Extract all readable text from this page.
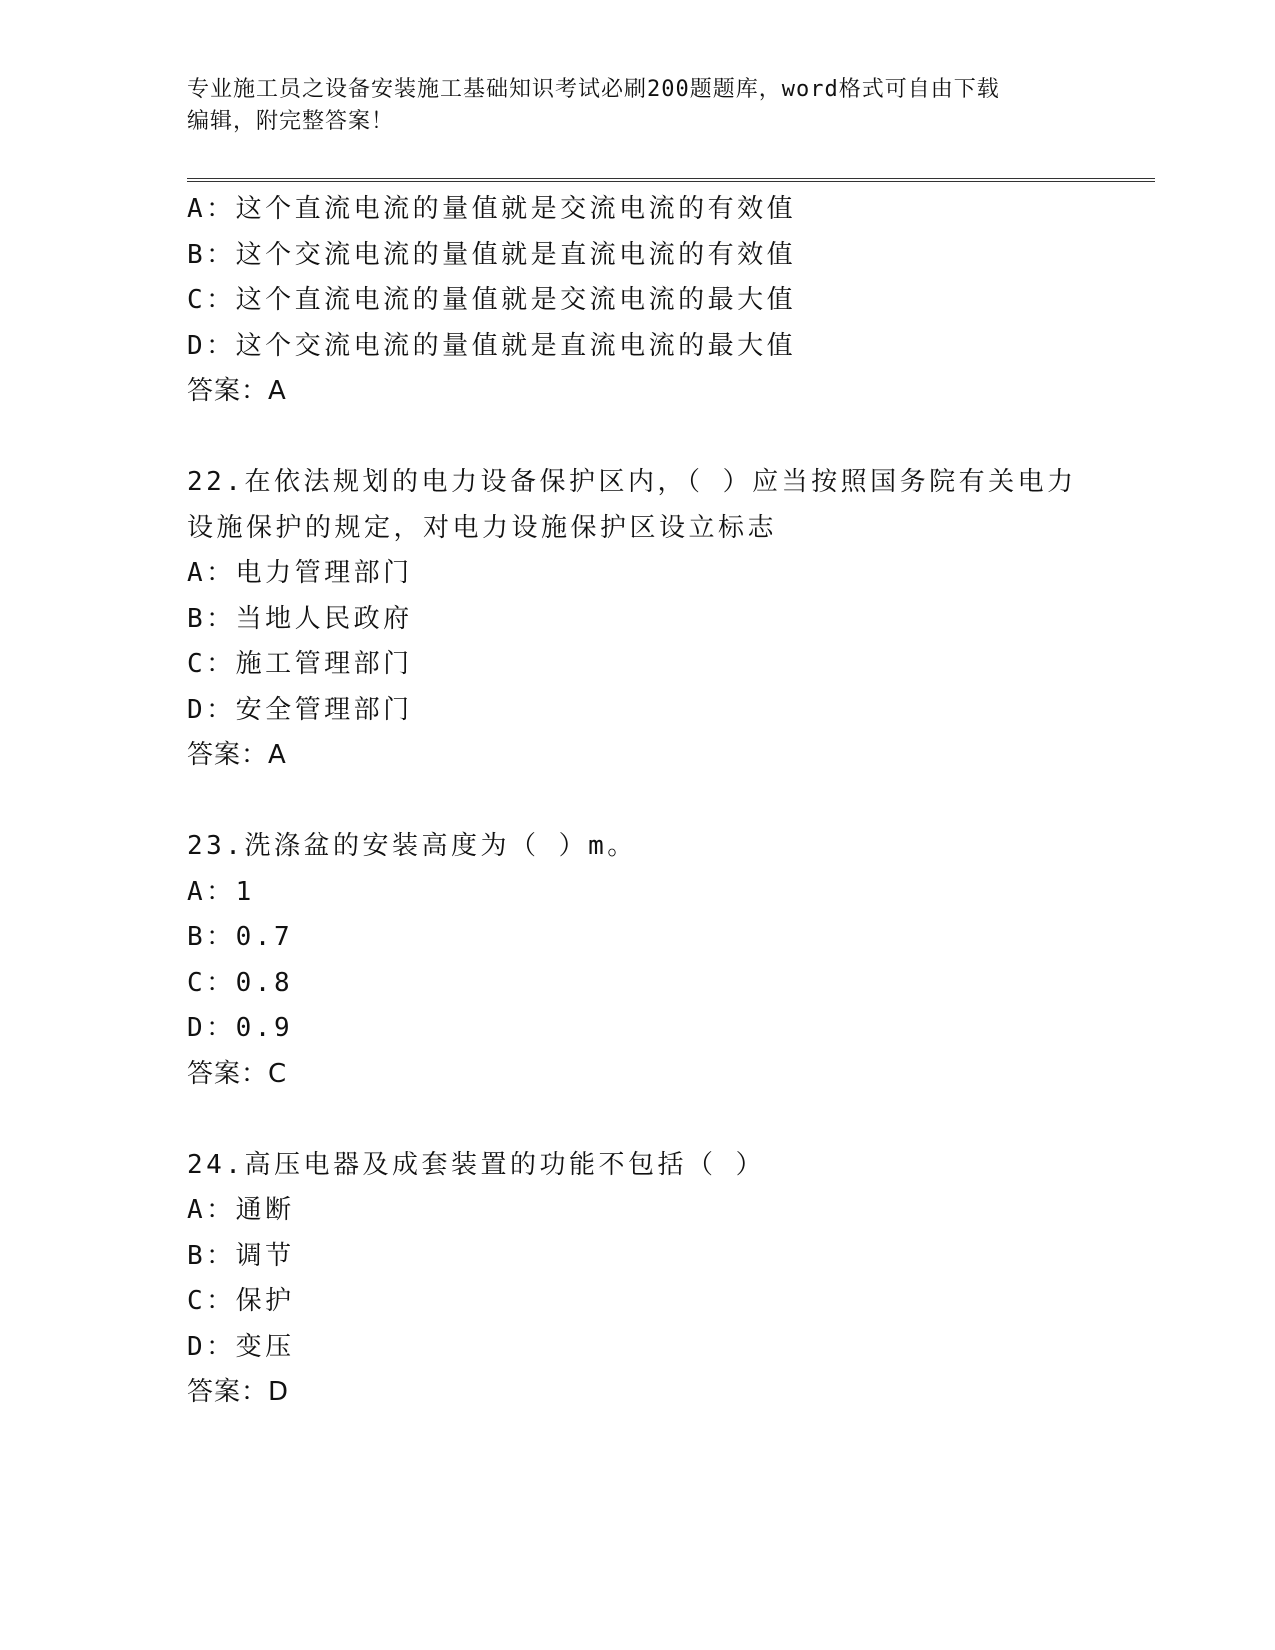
专业施工员之设备安装施工基础知识考试必刷200题题库，word格式可自由下载
编辑，附完整答案！
A：这个直流电流的量值就是交流电流的有效值
B：这个交流电流的量值就是直流电流的有效值
C：这个直流电流的量值就是交流电流的最大值
D：这个交流电流的量值就是直流电流的最大值
答案：A
22.在依法规划的电力设备保护区内，（ ）应当按照国务院有关电力
设施保护的规定，对电力设施保护区设立标志
A：电力管理部门
B：当地人民政府
C：施工管理部门
D：安全管理部门
答案：A
23.洗涤盆的安装高度为（ ）m。
A：1
B：0.7
C：0.8
D：0.9
答案：C
24.高压电器及成套装置的功能不包括（ ）
A：通断
B：调节
C：保护
D：变压
答案：D
